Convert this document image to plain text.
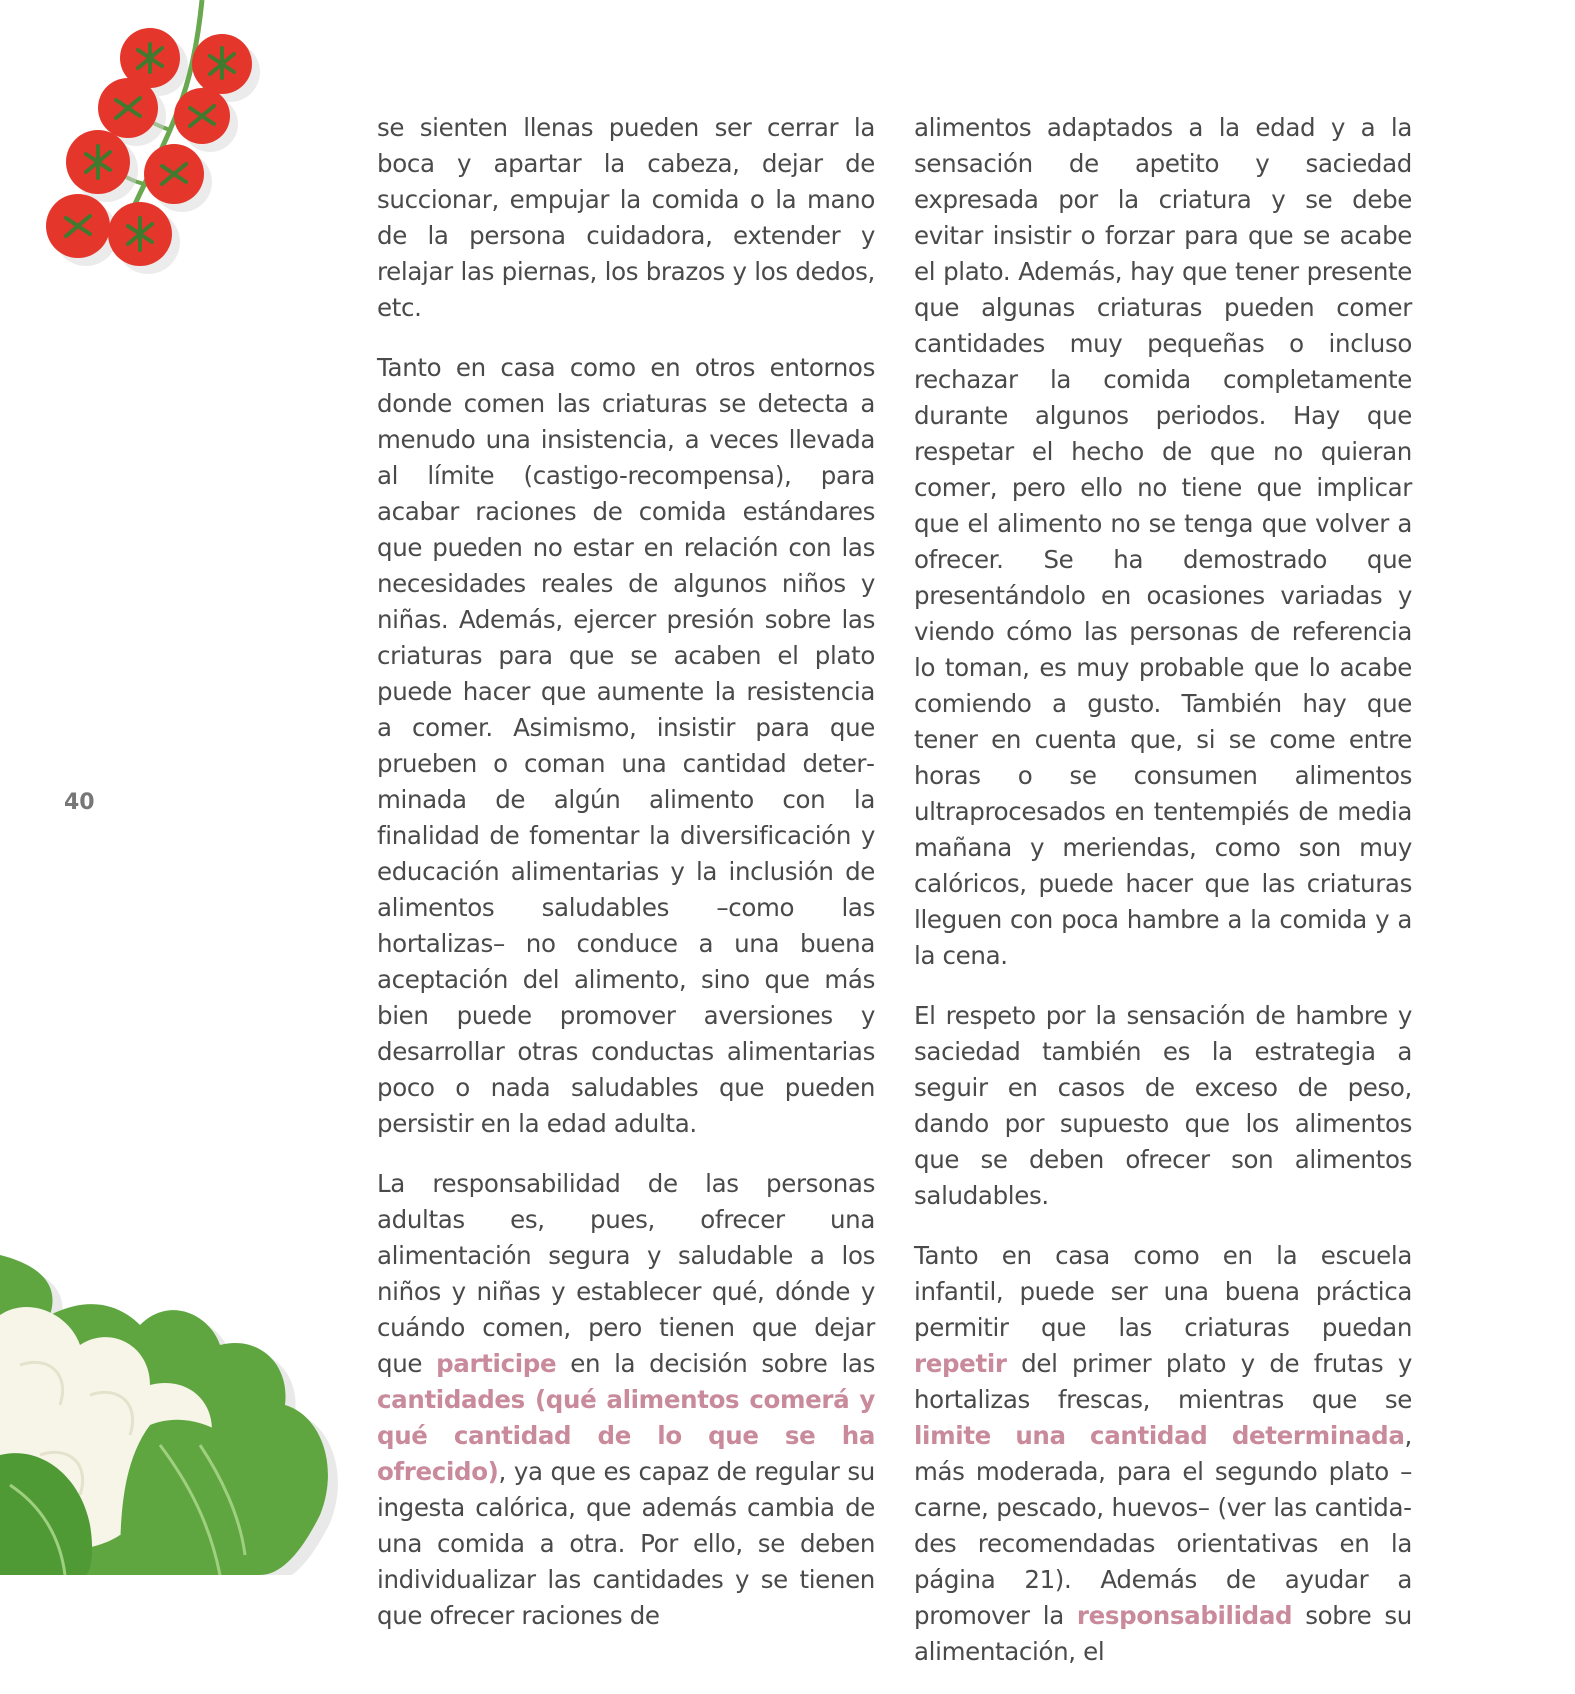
40

se sienten llenas pueden ser cerrar la boca y apartar la cabeza, dejar de succionar, empujar la comida o la mano de la persona cuidadora, extender y relajar las piernas, los brazos y los dedos, etc.

Tanto en casa como en otros entornos donde comen las criaturas se detecta a menudo una insistencia, a veces llevada al límite (castigo-recompensa), para acabar raciones de comida estándares que pueden no estar en relación con las necesidades reales de algunos niños y niñas. Además, ejercer presión sobre las criaturas para que se acaben el plato puede hacer que aumente la resistencia a comer. Asimismo, insistir para que prueben o coman una cantidad determinada de algún alimento con la finalidad de fomentar la diversificación y educación alimentarias y la inclusión de alimentos saludables –como las hortalizas– no conduce a una buena aceptación del alimento, sino que más bien puede promover aversiones y desarrollar otras conductas alimentarias poco o nada saludables que pueden persistir en la edad adulta.

La responsabilidad de las personas adultas es, pues, ofrecer una alimentación segura y saludable a los niños y niñas y establecer qué, dónde y cuándo comen, pero tienen que dejar que participe en la decisión sobre las cantidades (qué alimentos comerá y qué cantidad de lo que se ha ofrecido), ya que es capaz de regular su ingesta calórica, que además cambia de una comida a otra. Por ello, se deben individualizar las cantidades y se tienen que ofrecer raciones de

alimentos adaptados a la edad y a la sensación de apetito y saciedad expresada por la criatura y se debe evitar insistir o forzar para que se acabe el plato. Además, hay que tener presente que algunas criaturas pueden comer cantidades muy pequeñas o incluso rechazar la comida completamente durante algunos periodos. Hay que respetar el hecho de que no quieran comer, pero ello no tiene que implicar que el alimento no se tenga que volver a ofrecer. Se ha demostrado que presentándolo en ocasiones variadas y viendo cómo las personas de referencia lo toman, es muy probable que lo acabe comiendo a gusto. También hay que tener en cuenta que, si se come entre horas o se consumen alimentos ultraprocesados en tentempiés de media mañana y meriendas, como son muy calóricos, puede hacer que las criaturas lleguen con poca hambre a la comida y a la cena.

El respeto por la sensación de hambre y saciedad también es la estrategia a seguir en casos de exceso de peso, dando por supuesto que los alimentos que se deben ofrecer son alimentos saludables.

Tanto en casa como en la escuela infantil, puede ser una buena práctica permitir que las criaturas puedan repetir del primer plato y de frutas y hortalizas frescas, mientras que se limite una cantidad determinada, más moderada, para el segundo plato –carne, pescado, huevos– (ver las cantidades recomendadas orientativas en la página 21). Además de ayudar a promover la responsabilidad sobre su alimentación, el
